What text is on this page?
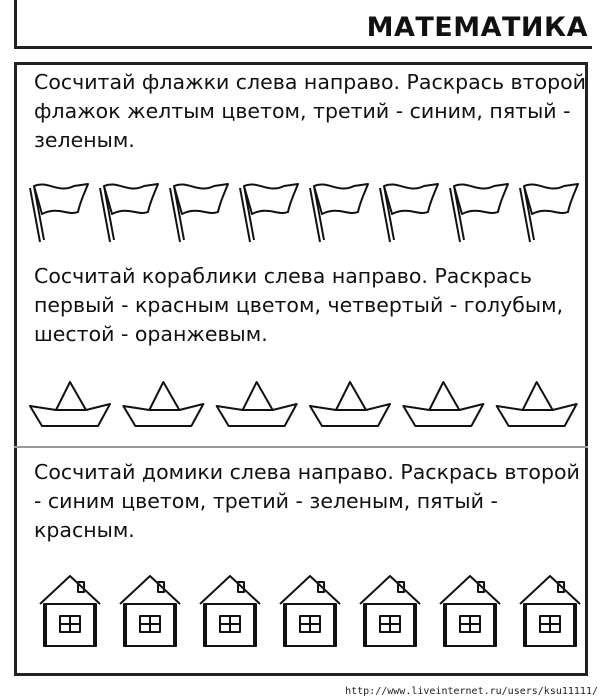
МАТЕМАТИКА
Сосчитай флажки слева направо. Раскрась второй флажок желтым цветом, третий - синим, пятый - зеленым.
Сосчитай кораблики слева направо. Раскрась первый - красным цветом, четвертый - голубым, шестой - оранжевым.
Сосчитай домики слева направо. Раскрась второй - синим цветом, третий - зеленым, пятый - красным.
http://www.liveinternet.ru/users/ksu11111/
